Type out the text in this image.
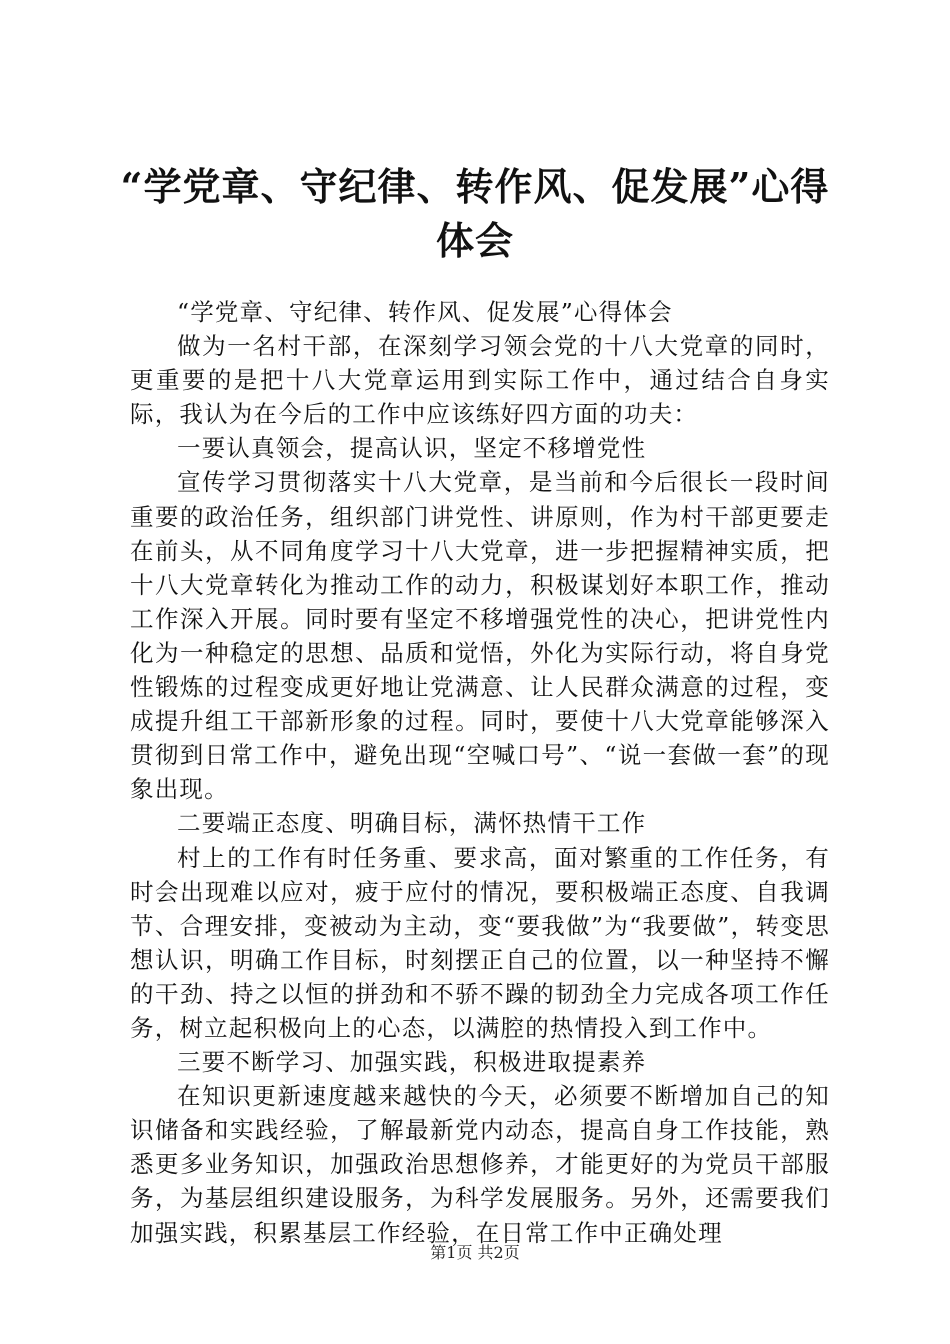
“学党章、守纪律、转作风、促发展”心得体会

“学党章、守纪律、转作风、促发展”心得体会

做为一名村干部，在深刻学习领会党的十八大党章的同时，更重要的是把十八大党章运用到实际工作中，通过结合自身实际，我认为在今后的工作中应该练好四方面的功夫：

一要认真领会，提高认识，坚定不移增党性

宣传学习贯彻落实十八大党章，是当前和今后很长一段时间重要的政治任务，组织部门讲党性、讲原则，作为村干部更要走在前头，从不同角度学习十八大党章，进一步把握精神实质，把十八大党章转化为推动工作的动力，积极谋划好本职工作，推动工作深入开展。同时要有坚定不移增强党性的决心，把讲党性内化为一种稳定的思想、品质和觉悟，外化为实际行动，将自身党性锻炼的过程变成更好地让党满意、让人民群众满意的过程，变成提升组工干部新形象的过程。同时，要使十八大党章能够深入贯彻到日常工作中，避免出现“空喊口号”、“说一套做一套”的现象出现。

二要端正态度、明确目标，满怀热情干工作

村上的工作有时任务重、要求高，面对繁重的工作任务，有时会出现难以应对，疲于应付的情况，要积极端正态度、自我调节、合理安排，变被动为主动，变“要我做”为“我要做”，转变思想认识，明确工作目标，时刻摆正自己的位置，以一种坚持不懈的干劲、持之以恒的拼劲和不骄不躁的韧劲全力完成各项工作任务，树立起积极向上的心态，以满腔的热情投入到工作中。

三要不断学习、加强实践，积极进取提素养

在知识更新速度越来越快的今天，必须要不断增加自己的知识储备和实践经验，了解最新党内动态，提高自身工作技能，熟悉更多业务知识，加强政治思想修养，才能更好的为党员干部服务，为基层组织建设服务，为科学发展服务。另外，还需要我们加强实践，积累基层工作经验，在日常工作中正确处理

第1页 共2页
